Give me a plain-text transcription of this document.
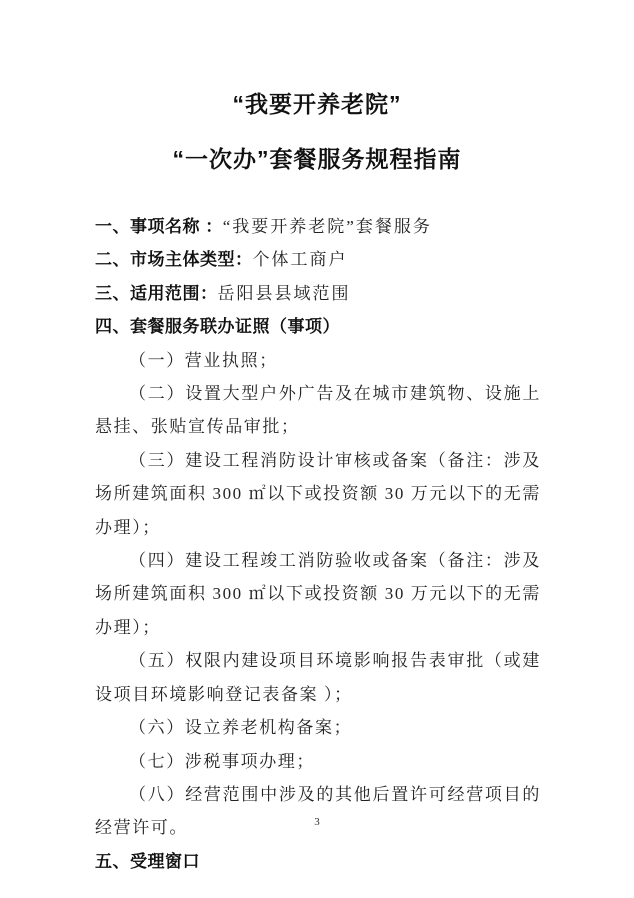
“我要开养老院”

“一次办”套餐服务规程指南

一、事项名称 ：“我要开养老院”套餐服务

二、市场主体类型：个体工商户

三、适用范围：岳阳县县域范围

四、套餐服务联办证照（事项）

（一）营业执照；

（二）设置大型户外广告及在城市建筑物、设施上悬挂、张贴宣传品审批；

（三）建设工程消防设计审核或备案（备注：涉及场所建筑面积 300 ㎡以下或投资额 30 万元以下的无需办理）；

（四）建设工程竣工消防验收或备案（备注：涉及场所建筑面积 300 ㎡以下或投资额 30 万元以下的无需办理）；

（五）权限内建设项目环境影响报告表审批（或建设项目环境影响登记表备案 ）；

（六）设立养老机构备案；

（七）涉税事项办理；

（八）经营范围中涉及的其他后置许可经营项目的经营许可。

五、受理窗口

3
